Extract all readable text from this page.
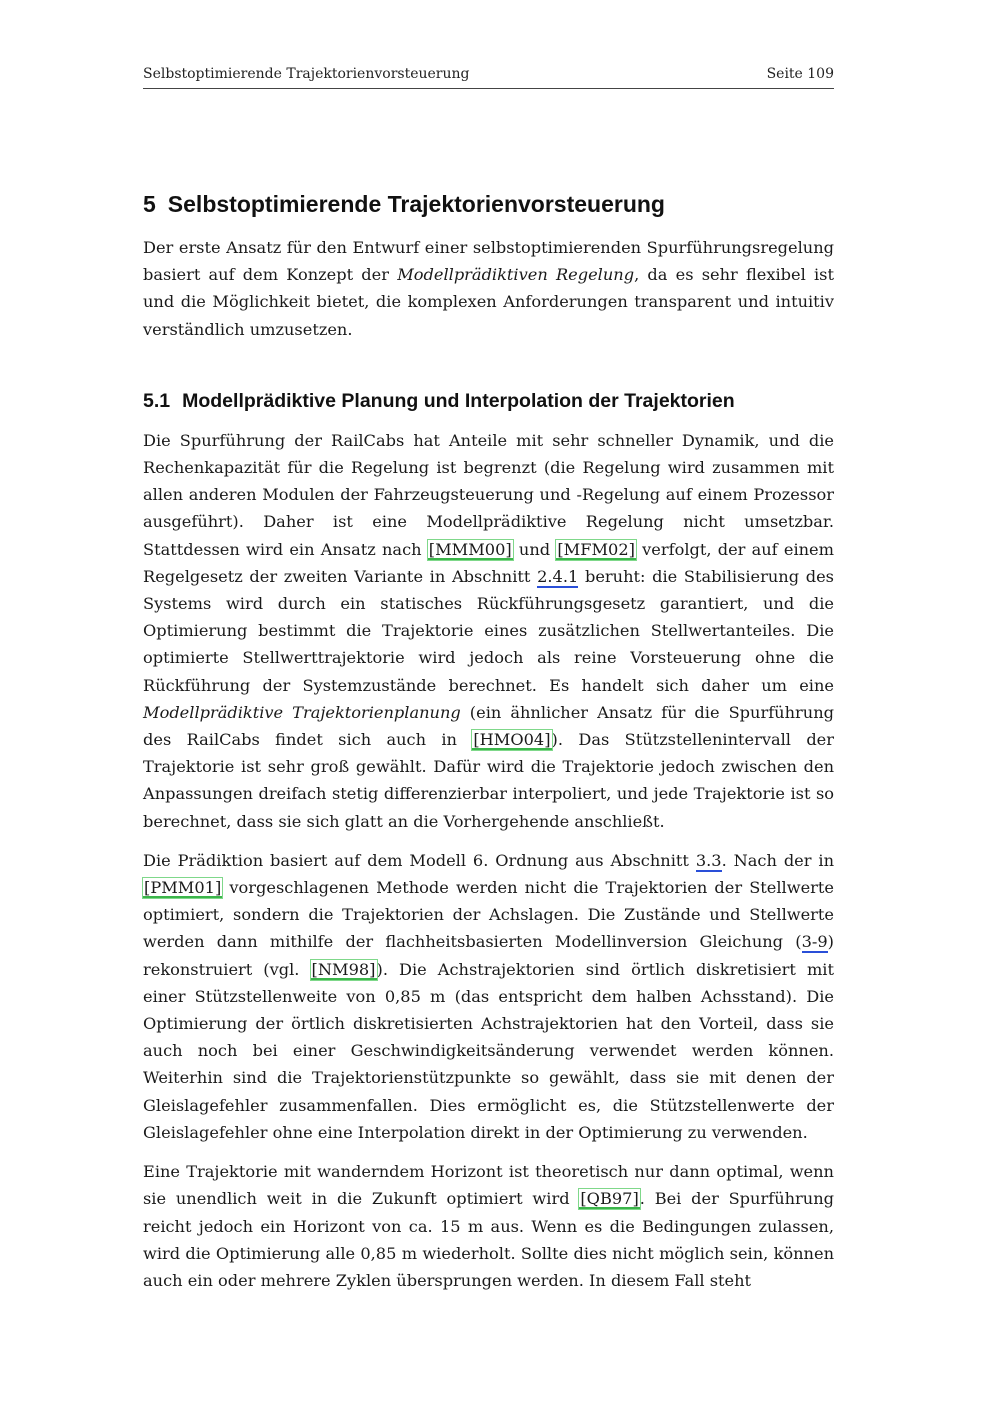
Selbstoptimierende Trajektorienvorsteuerung	Seite 109
5 Selbstoptimierende Trajektorienvorsteuerung

Der erste Ansatz für den Entwurf einer selbstoptimierenden Spurführungsregelung basiert auf dem Konzept der Modellprädiktiven Regelung, da es sehr flexibel ist und die Möglichkeit bietet, die komplexen Anforderungen transparent und intuitiv verständlich umzusetzen.

5.1 Modellprädiktive Planung und Interpolation der Trajektorien

Die Spurführung der RailCabs hat Anteile mit sehr schneller Dynamik, und die Rechenkapazität für die Regelung ist begrenzt (die Regelung wird zusammen mit allen anderen Modulen der Fahrzeugsteuerung und -Regelung auf einem Prozessor ausgeführt). Daher ist eine Modellprädiktive Regelung nicht umsetzbar. Stattdessen wird ein Ansatz nach [MMM00] und [MFM02] verfolgt, der auf einem Regelgesetz der zweiten Variante in Abschnitt 2.4.1 beruht: die Stabilisierung des Systems wird durch ein statisches Rückführungsgesetz garantiert, und die Optimierung bestimmt die Trajektorie eines zusätzlichen Stellwertanteiles. Die optimierte Stellwerttrajektorie wird jedoch als reine Vorsteuerung ohne die Rückführung der Systemzustände berechnet. Es handelt sich daher um eine Modellprädiktive Trajektorienplanung (ein ähnlicher Ansatz für die Spurführung des RailCabs findet sich auch in [HMO04]). Das Stützstellenintervall der Trajektorie ist sehr groß gewählt. Dafür wird die Trajektorie jedoch zwischen den Anpassungen dreifach stetig differenzierbar interpoliert, und jede Trajektorie ist so berechnet, dass sie sich glatt an die Vorhergehende anschließt.

Die Prädiktion basiert auf dem Modell 6. Ordnung aus Abschnitt 3.3. Nach der in [PMM01] vorgeschlagenen Methode werden nicht die Trajektorien der Stellwerte optimiert, sondern die Trajektorien der Achslagen. Die Zustände und Stellwerte werden dann mithilfe der flachheitsbasierten Modellinversion Gleichung (3-9) rekonstruiert (vgl. [NM98]). Die Achstrajektorien sind örtlich diskretisiert mit einer Stützstellenweite von 0,85 m (das entspricht dem halben Achsstand). Die Optimierung der örtlich diskretisierten Achstrajektorien hat den Vorteil, dass sie auch noch bei einer Geschwindigkeitsänderung verwendet werden können. Weiterhin sind die Trajektorienstützpunkte so gewählt, dass sie mit denen der Gleislagefehler zusammenfallen. Dies ermöglicht es, die Stützstellenwerte der Gleislagefehler ohne eine Interpolation direkt in der Optimierung zu verwenden.

Eine Trajektorie mit wanderndem Horizont ist theoretisch nur dann optimal, wenn sie unendlich weit in die Zukunft optimiert wird [QB97]. Bei der Spurführung reicht jedoch ein Horizont von ca. 15 m aus. Wenn es die Bedingungen zulassen, wird die Optimierung alle 0,85 m wiederholt. Sollte dies nicht möglich sein, können auch ein oder mehrere Zyklen übersprungen werden. In diesem Fall steht
